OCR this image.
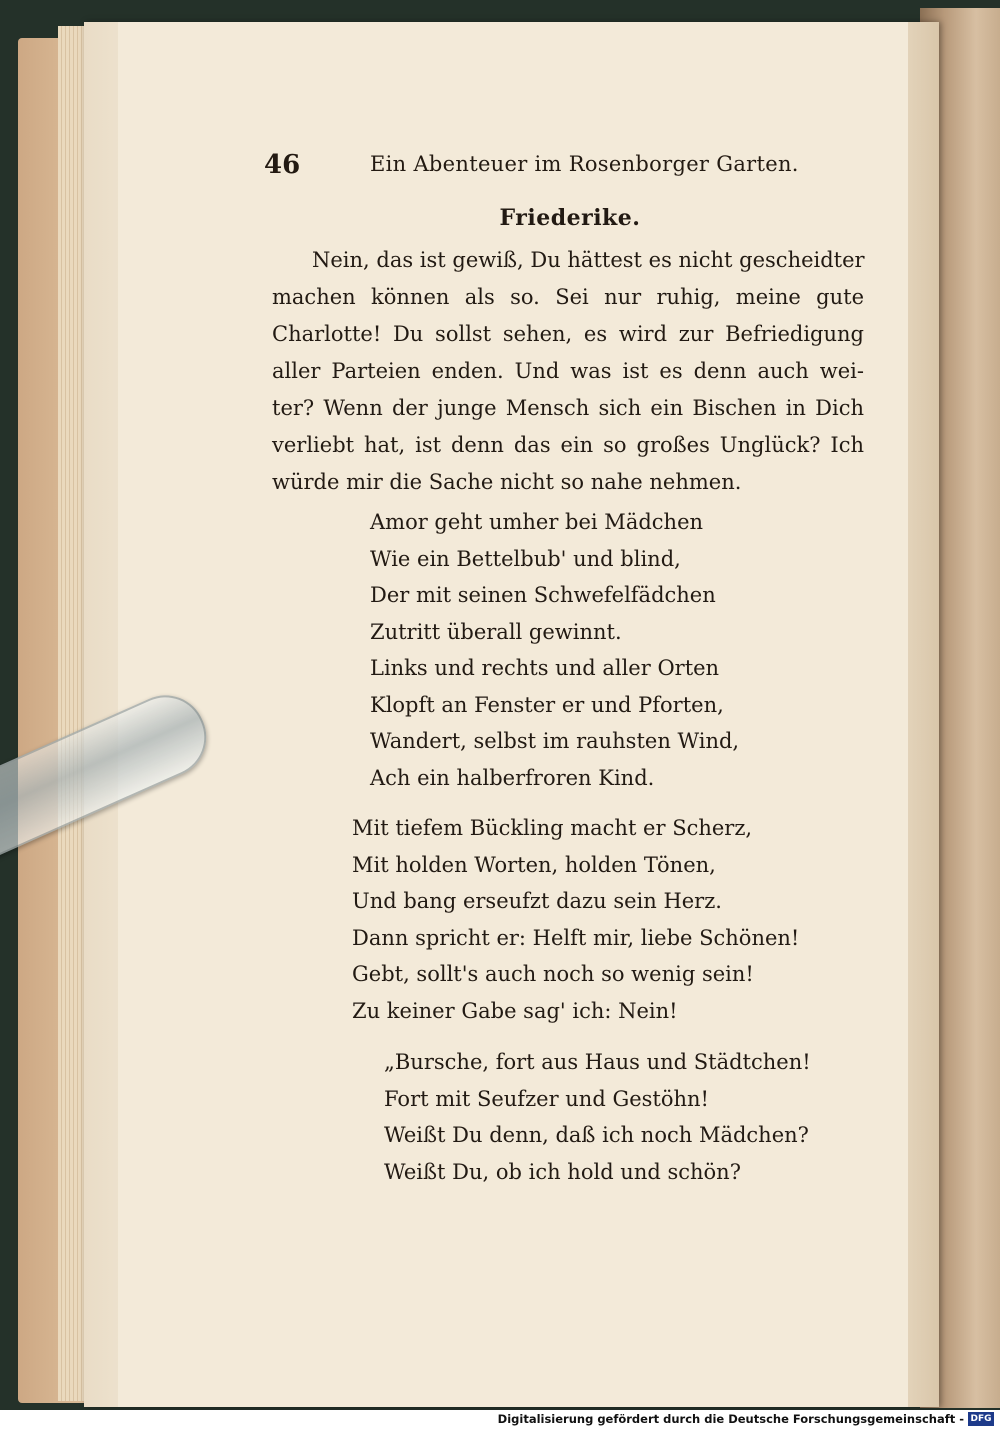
46	Ein Abenteuer im Rosenborger Garten.
Friederike.
Nein, das ist gewiß, Du hättest es nicht gescheidter
machen können als so. Sei nur ruhig, meine gute
Charlotte! Du sollst sehen, es wird zur Befriedigung
aller Parteien enden. Und was ist es denn auch wei-
ter? Wenn der junge Mensch sich ein Bischen in Dich
verliebt hat, ist denn das ein so großes Unglück? Ich
würde mir die Sache nicht so nahe nehmen.
Amor geht umher bei Mädchen
Wie ein Bettelbub' und blind,
Der mit seinen Schwefelfädchen
Zutritt überall gewinnt.
Links und rechts und aller Orten
Klopft an Fenster er und Pforten,
Wandert, selbst im rauhsten Wind,
Ach ein halberfroren Kind.
Mit tiefem Bückling macht er Scherz,
Mit holden Worten, holden Tönen,
Und bang erseufzt dazu sein Herz.
Dann spricht er: Helft mir, liebe Schönen!
Gebt, sollt's auch noch so wenig sein!
Zu keiner Gabe sag' ich: Nein!
„Bursche, fort aus Haus und Städtchen!
Fort mit Seufzer und Gestöhn!
Weißt Du denn, daß ich noch Mädchen?
Weißt Du, ob ich hold und schön?
Digitalisierung gefördert durch die Deutsche Forschungsgemeinschaft - DFG
